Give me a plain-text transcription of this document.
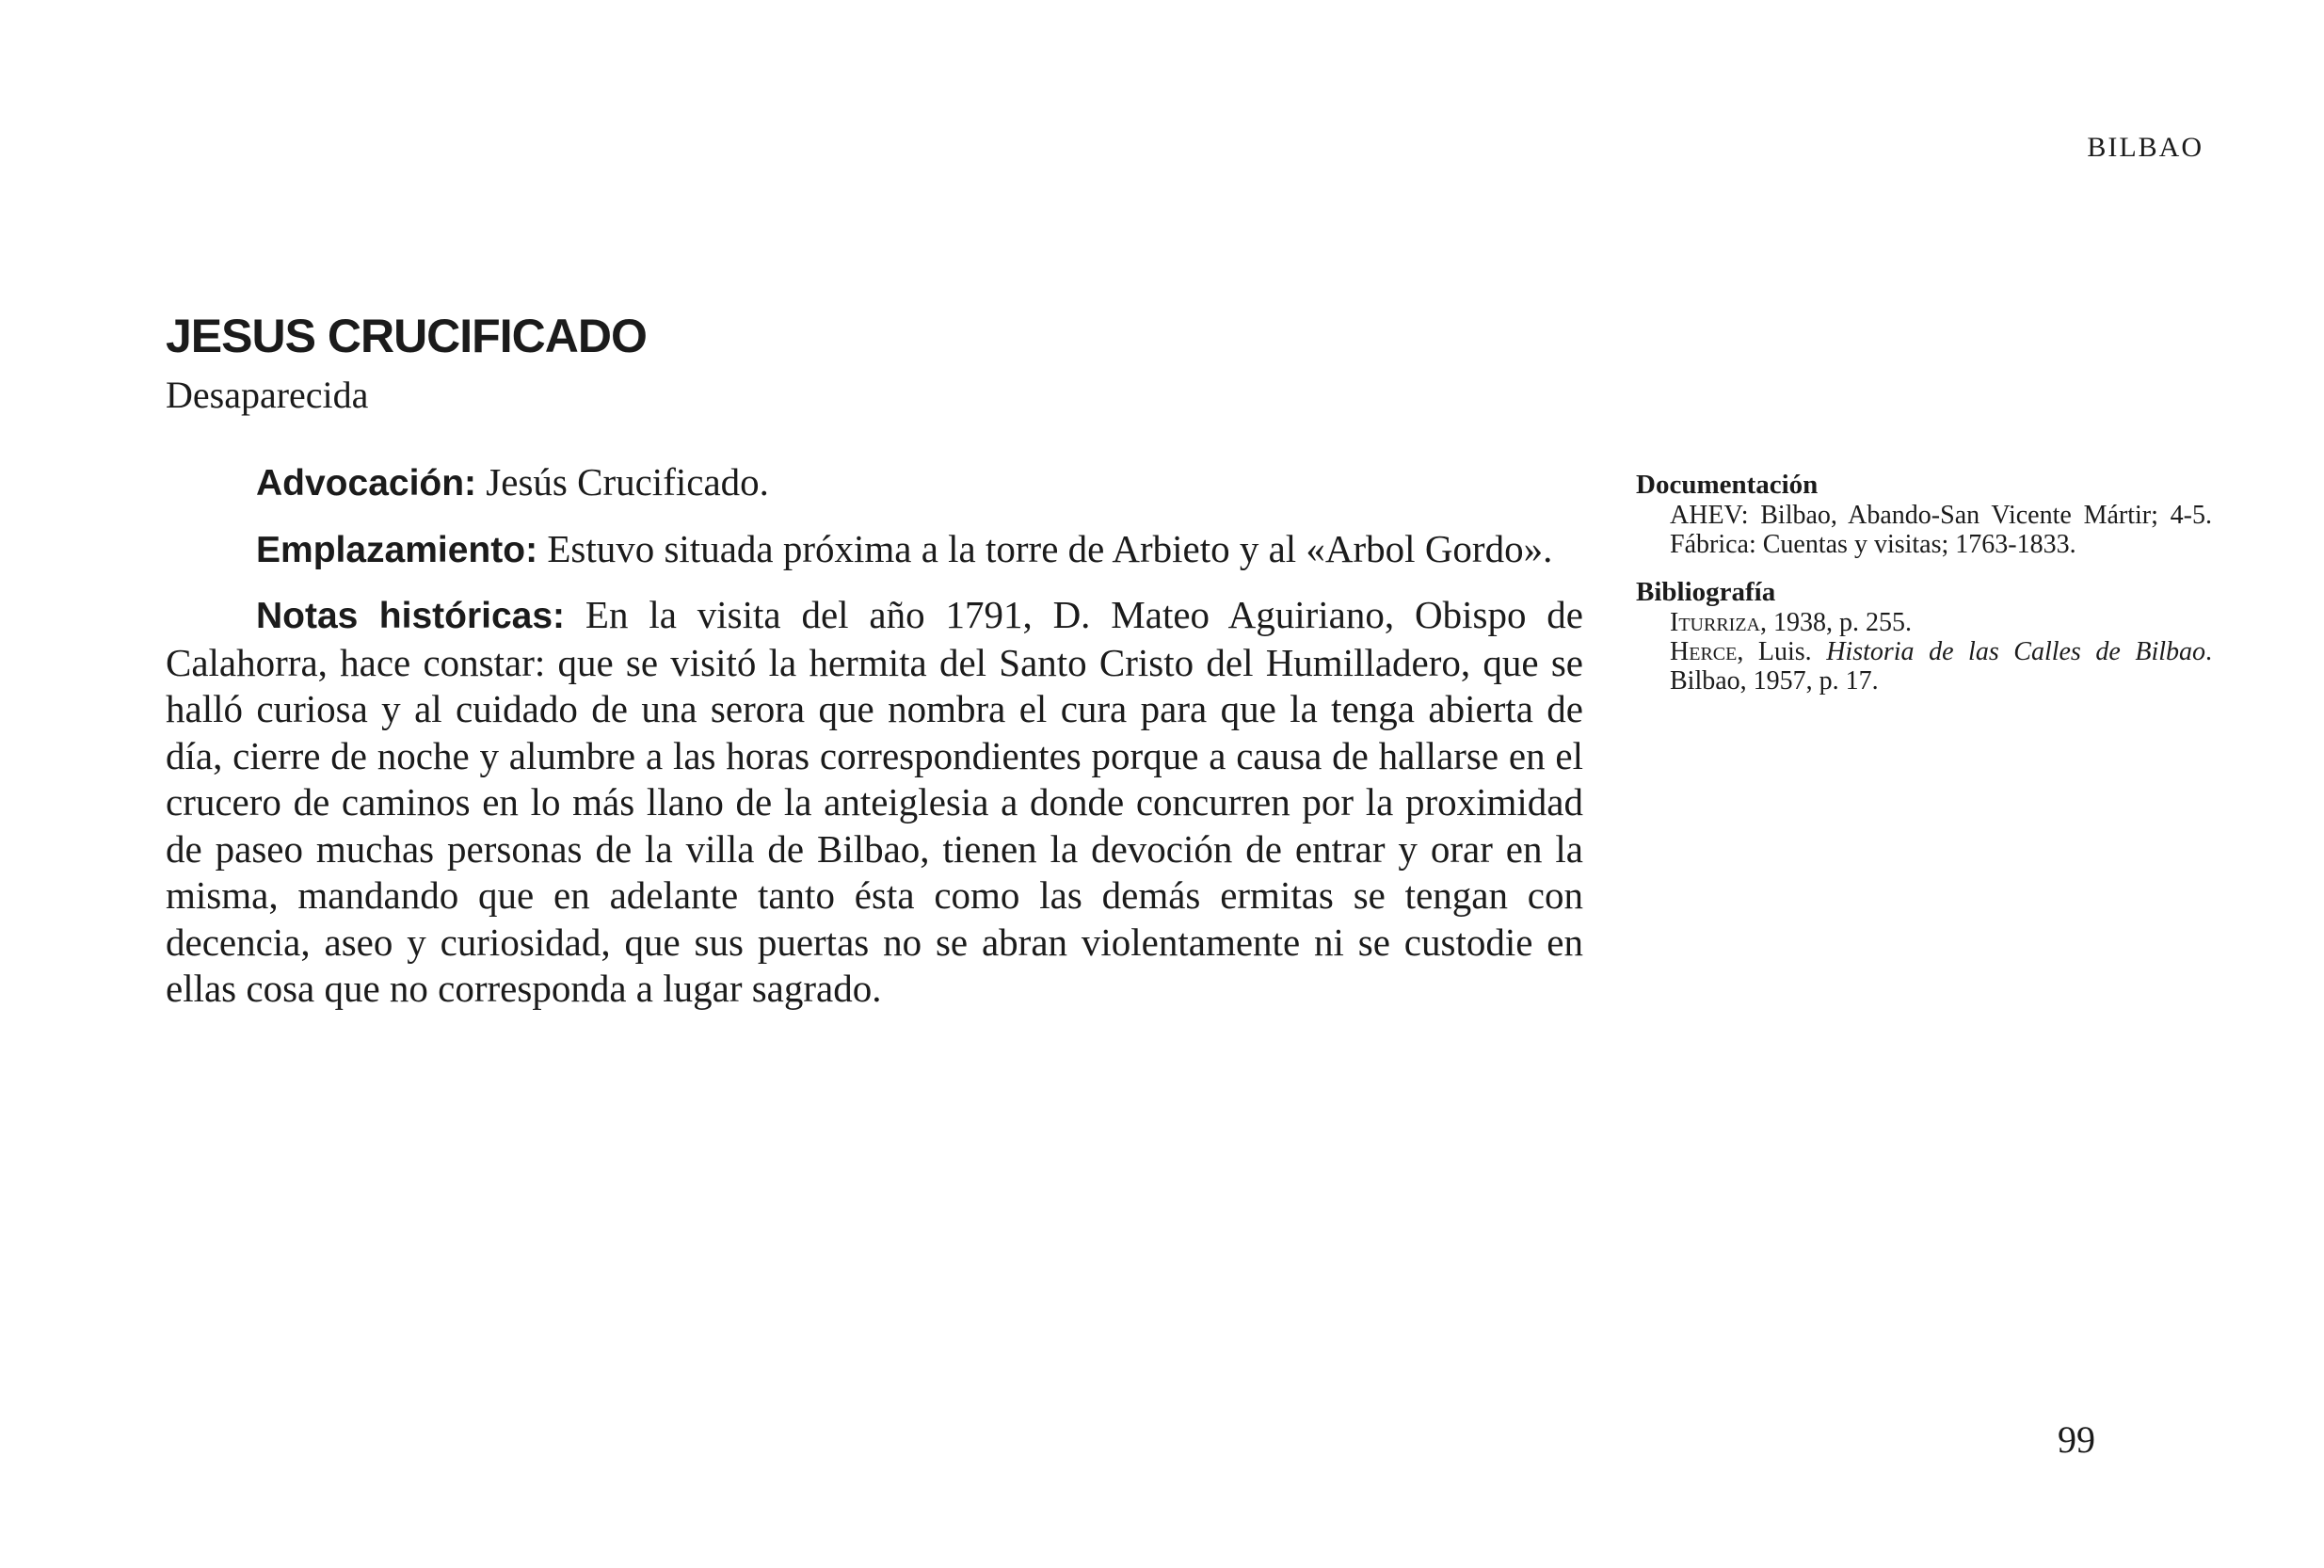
BILBAO
JESUS CRUCIFICADO
Desaparecida

Advocación: Jesús Crucificado.

Emplazamiento: Estuvo situada próxima a la torre de Arbieto y al «Arbol Gordo».

Notas históricas: En la visita del año 1791, D. Mateo Aguiriano, Obispo de Calahorra, hace constar: que se visitó la hermita del Santo Cristo del Humilladero, que se halló curiosa y al cuidado de una serora que nombra el cura para que la tenga abierta de día, cierre de noche y alumbre a las horas correspondientes porque a causa de hallarse en el crucero de caminos en lo más llano de la anteiglesia a donde concurren por la proximidad de paseo muchas personas de la villa de Bilbao, tienen la devoción de entrar y orar en la misma, mandando que en adelante tanto ésta como las demás ermitas se tengan con decencia, aseo y curiosidad, que sus puertas no se abran violentamente ni se custodie en ellas cosa que no corresponda a lugar sagrado.

Documentación
AHEV: Bilbao, Abando-San Vicente Mártir; 4-5. Fábrica: Cuentas y visitas; 1763-1833.
Bibliografía
Iturriza, 1938, p. 255.
Herce, Luis. Historia de las Calles de Bilbao. Bilbao, 1957, p. 17.
99
